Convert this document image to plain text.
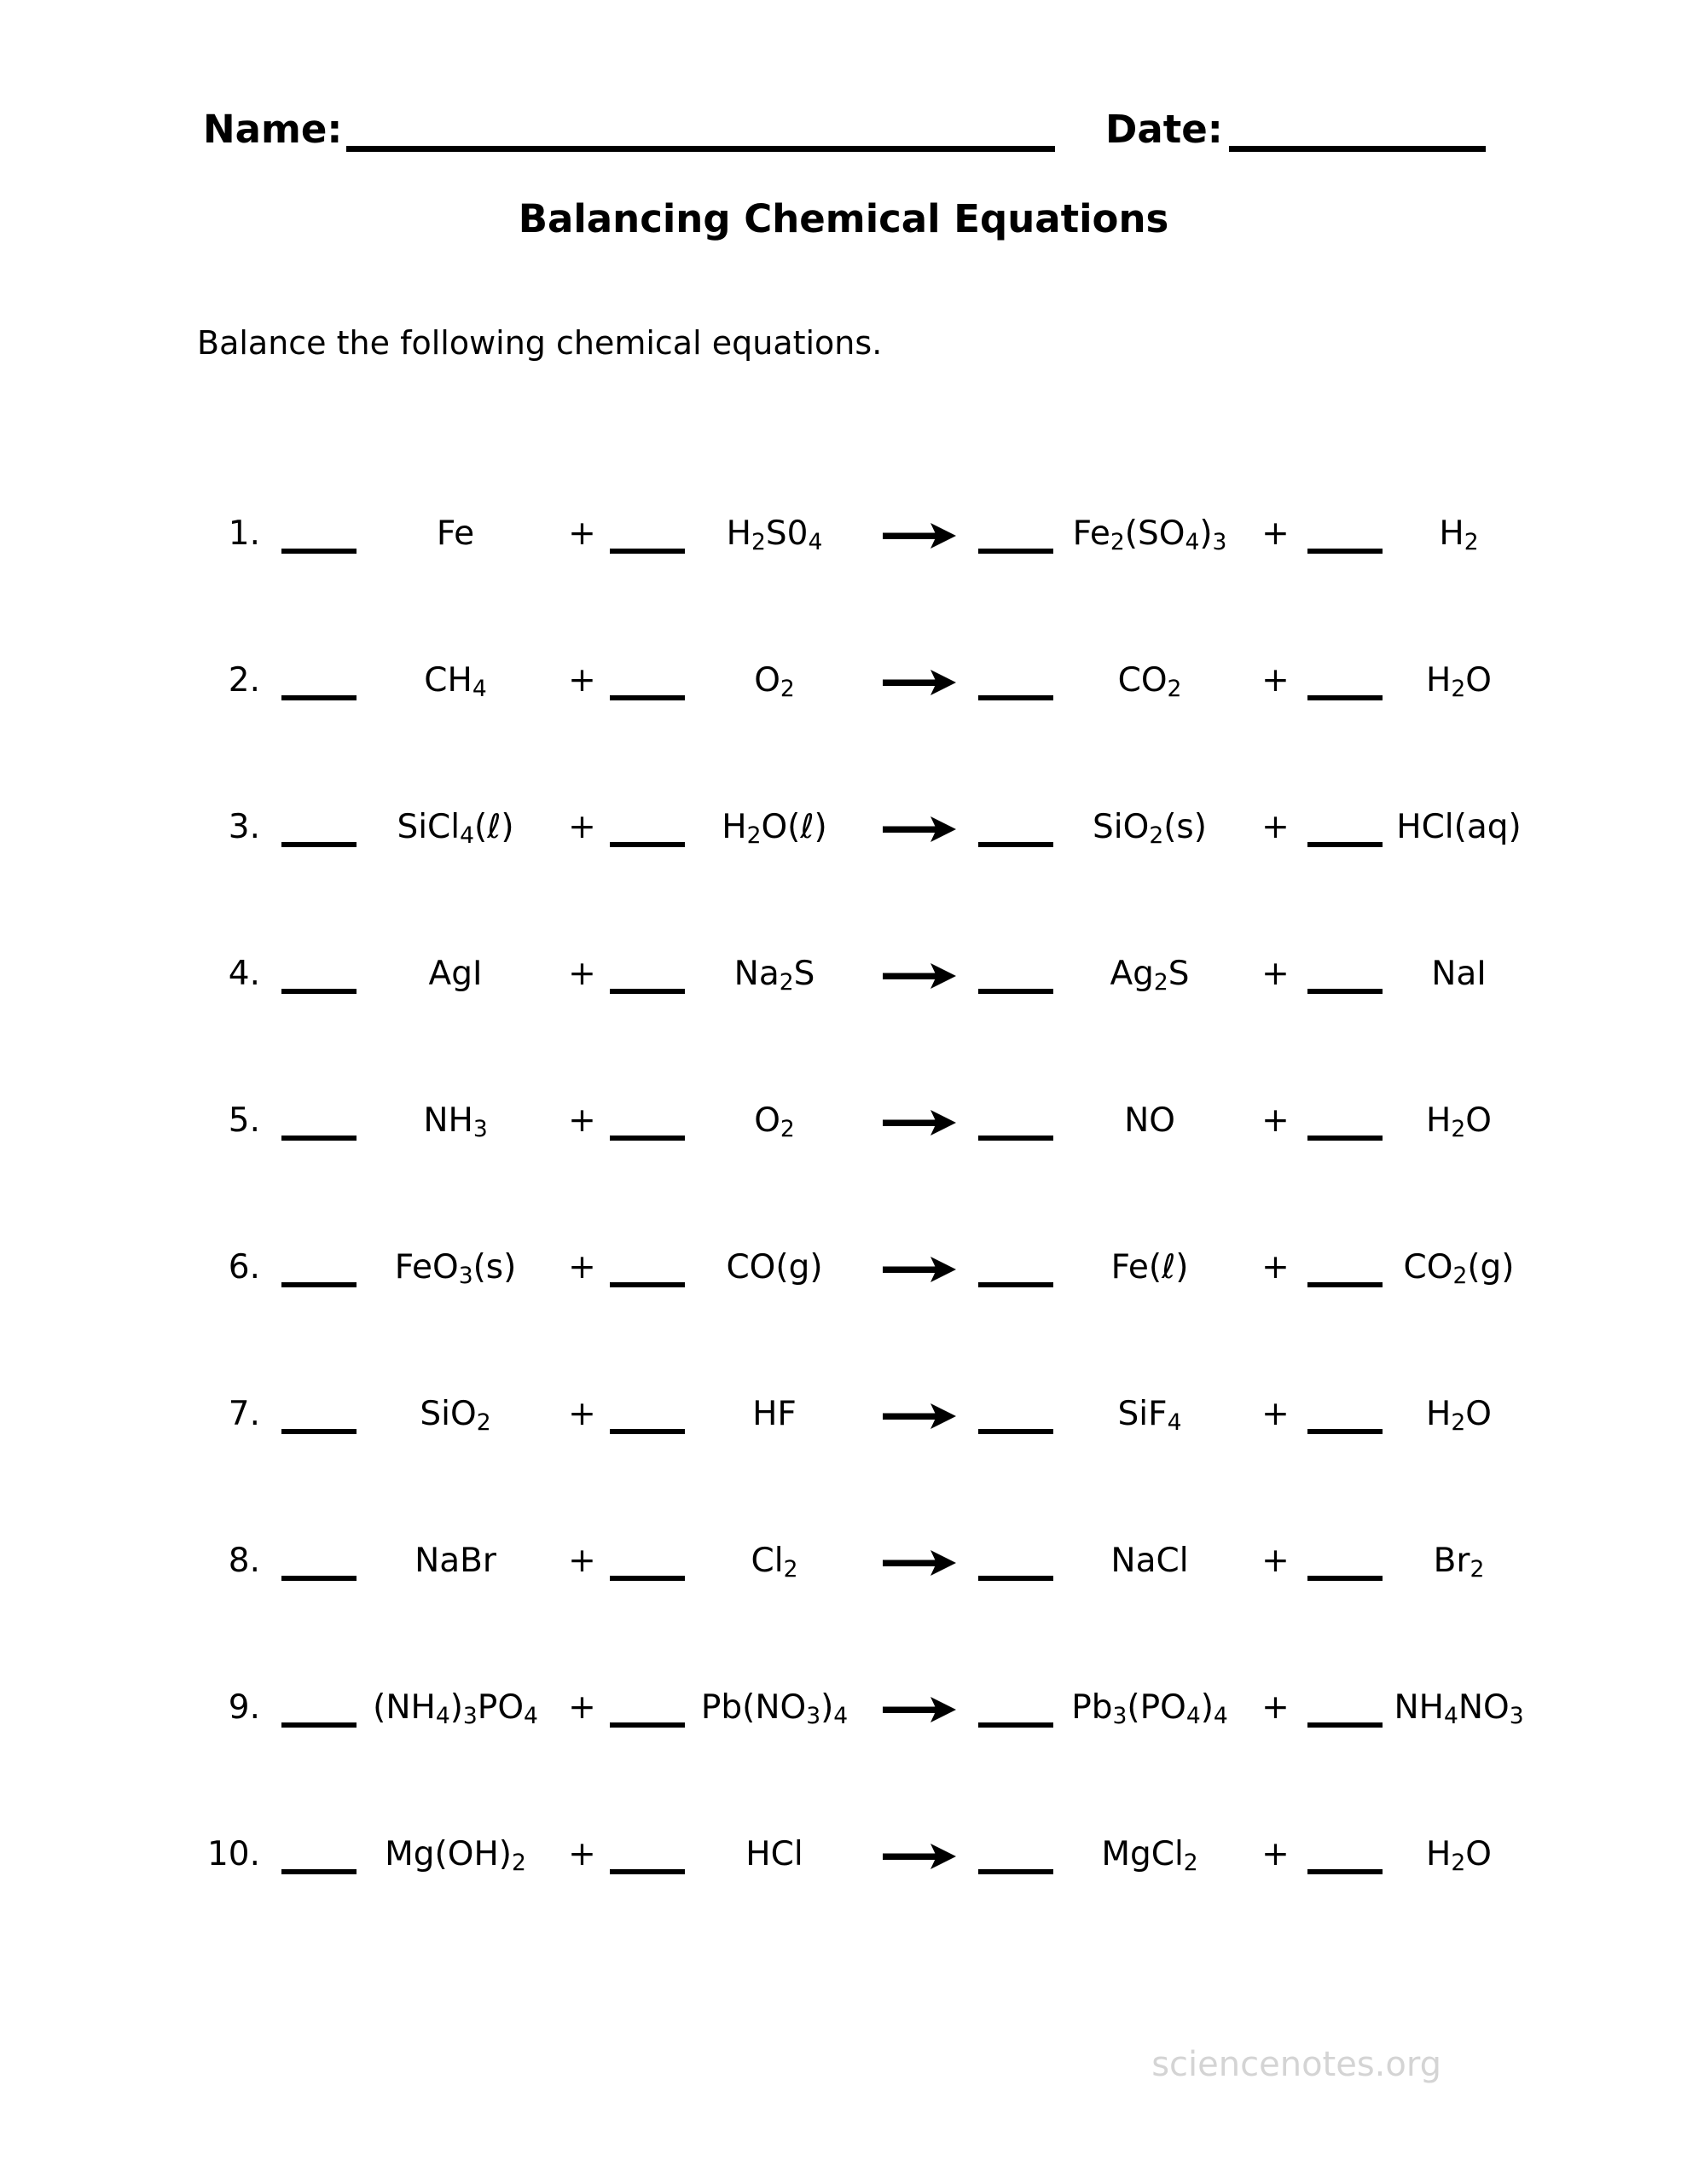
Name:	Date:
Balancing Chemical Equations
Balance the following chemical equations.
1.	Fe	+	$H_2S0_4$	$Fe_2(SO_4)_3$	+	$H_2$
2.	$CH_4$	+	$O_2$	$CO_2$	+	$H_2O$
3.	SiCl$_4$(ℓ)	+	$H_2O(\ell)$	SiO$_2$(s)	+	HCl(aq)
4.	AgI	+	$Na_2S$	$Ag_2S$	+	NaI
5.	$NH_3$	+	$O_2$	NO	+	$H_2O$
6.	FeO$_3$(s)	+	CO(g)	Fe(ℓ)	+	$CO_2(g)$
7.	SiO$_2$	+	HF	SiF$_4$	+	$H_2O$
8.	NaBr	+	$Cl_2$	NaCl	+	$Br_2$
9.	$(NH_4)_3PO_4$ +	$Pb(NO_3)_4$	$Pb_3(PO_4)_4$	+	$NH_4NO_3$
10.	$Mg(OH)_2$	+	HCl	MgCl$_2$	+	$H_2O$
sciencenotes.org
